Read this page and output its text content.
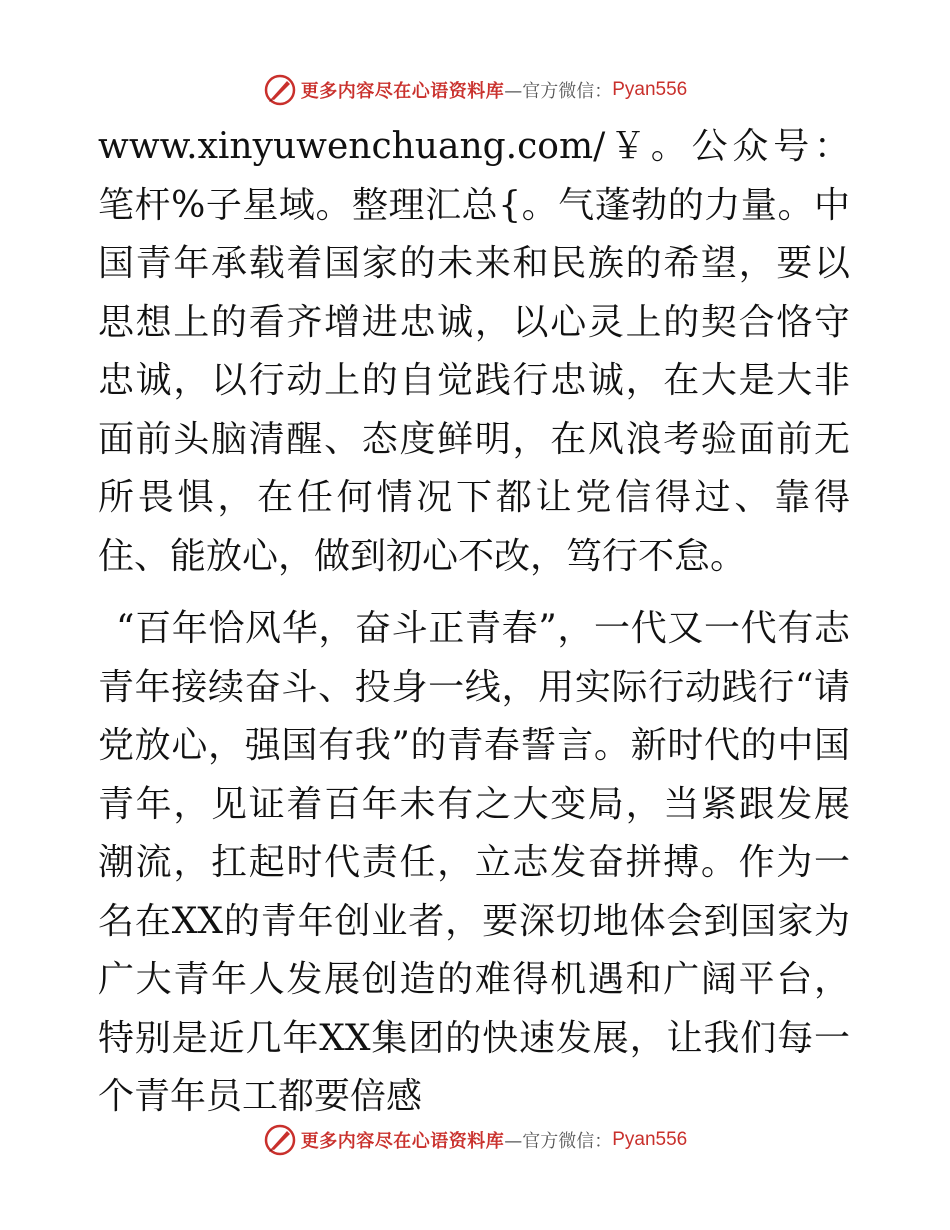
更多内容尽在心语资料库 —官方微信： Pyan556

www.xinyuwenchuang.com/￥。公众号：笔杆%子星域。整理汇总{。气蓬勃的力量。中国青年承载着国家的未来和民族的希望，要以思想上的看齐增进忠诚，以心灵上的契合恪守忠诚，以行动上的自觉践行忠诚，在大是大非面前头脑清醒、态度鲜明，在风浪考验面前无所畏惧，在任何情况下都让党信得过、靠得住、能放心，做到初心不改，笃行不怠。

“百年恰风华，奋斗正青春”，一代又一代有志青年接续奋斗、投身一线，用实际行动践行“请党放心，强国有我”的青春誓言。新时代的中国青年，见证着百年未有之大变局，当紧跟发展潮流，扛起时代责任，立志发奋拼搏。作为一名在XX的青年创业者，要深切地体会到国家为广大青年人发展创造的难得机遇和广阔平台，特别是近几年XX集团的快速发展，让我们每一个青年员工都要倍感

更多内容尽在心语资料库 —官方微信： Pyan556
